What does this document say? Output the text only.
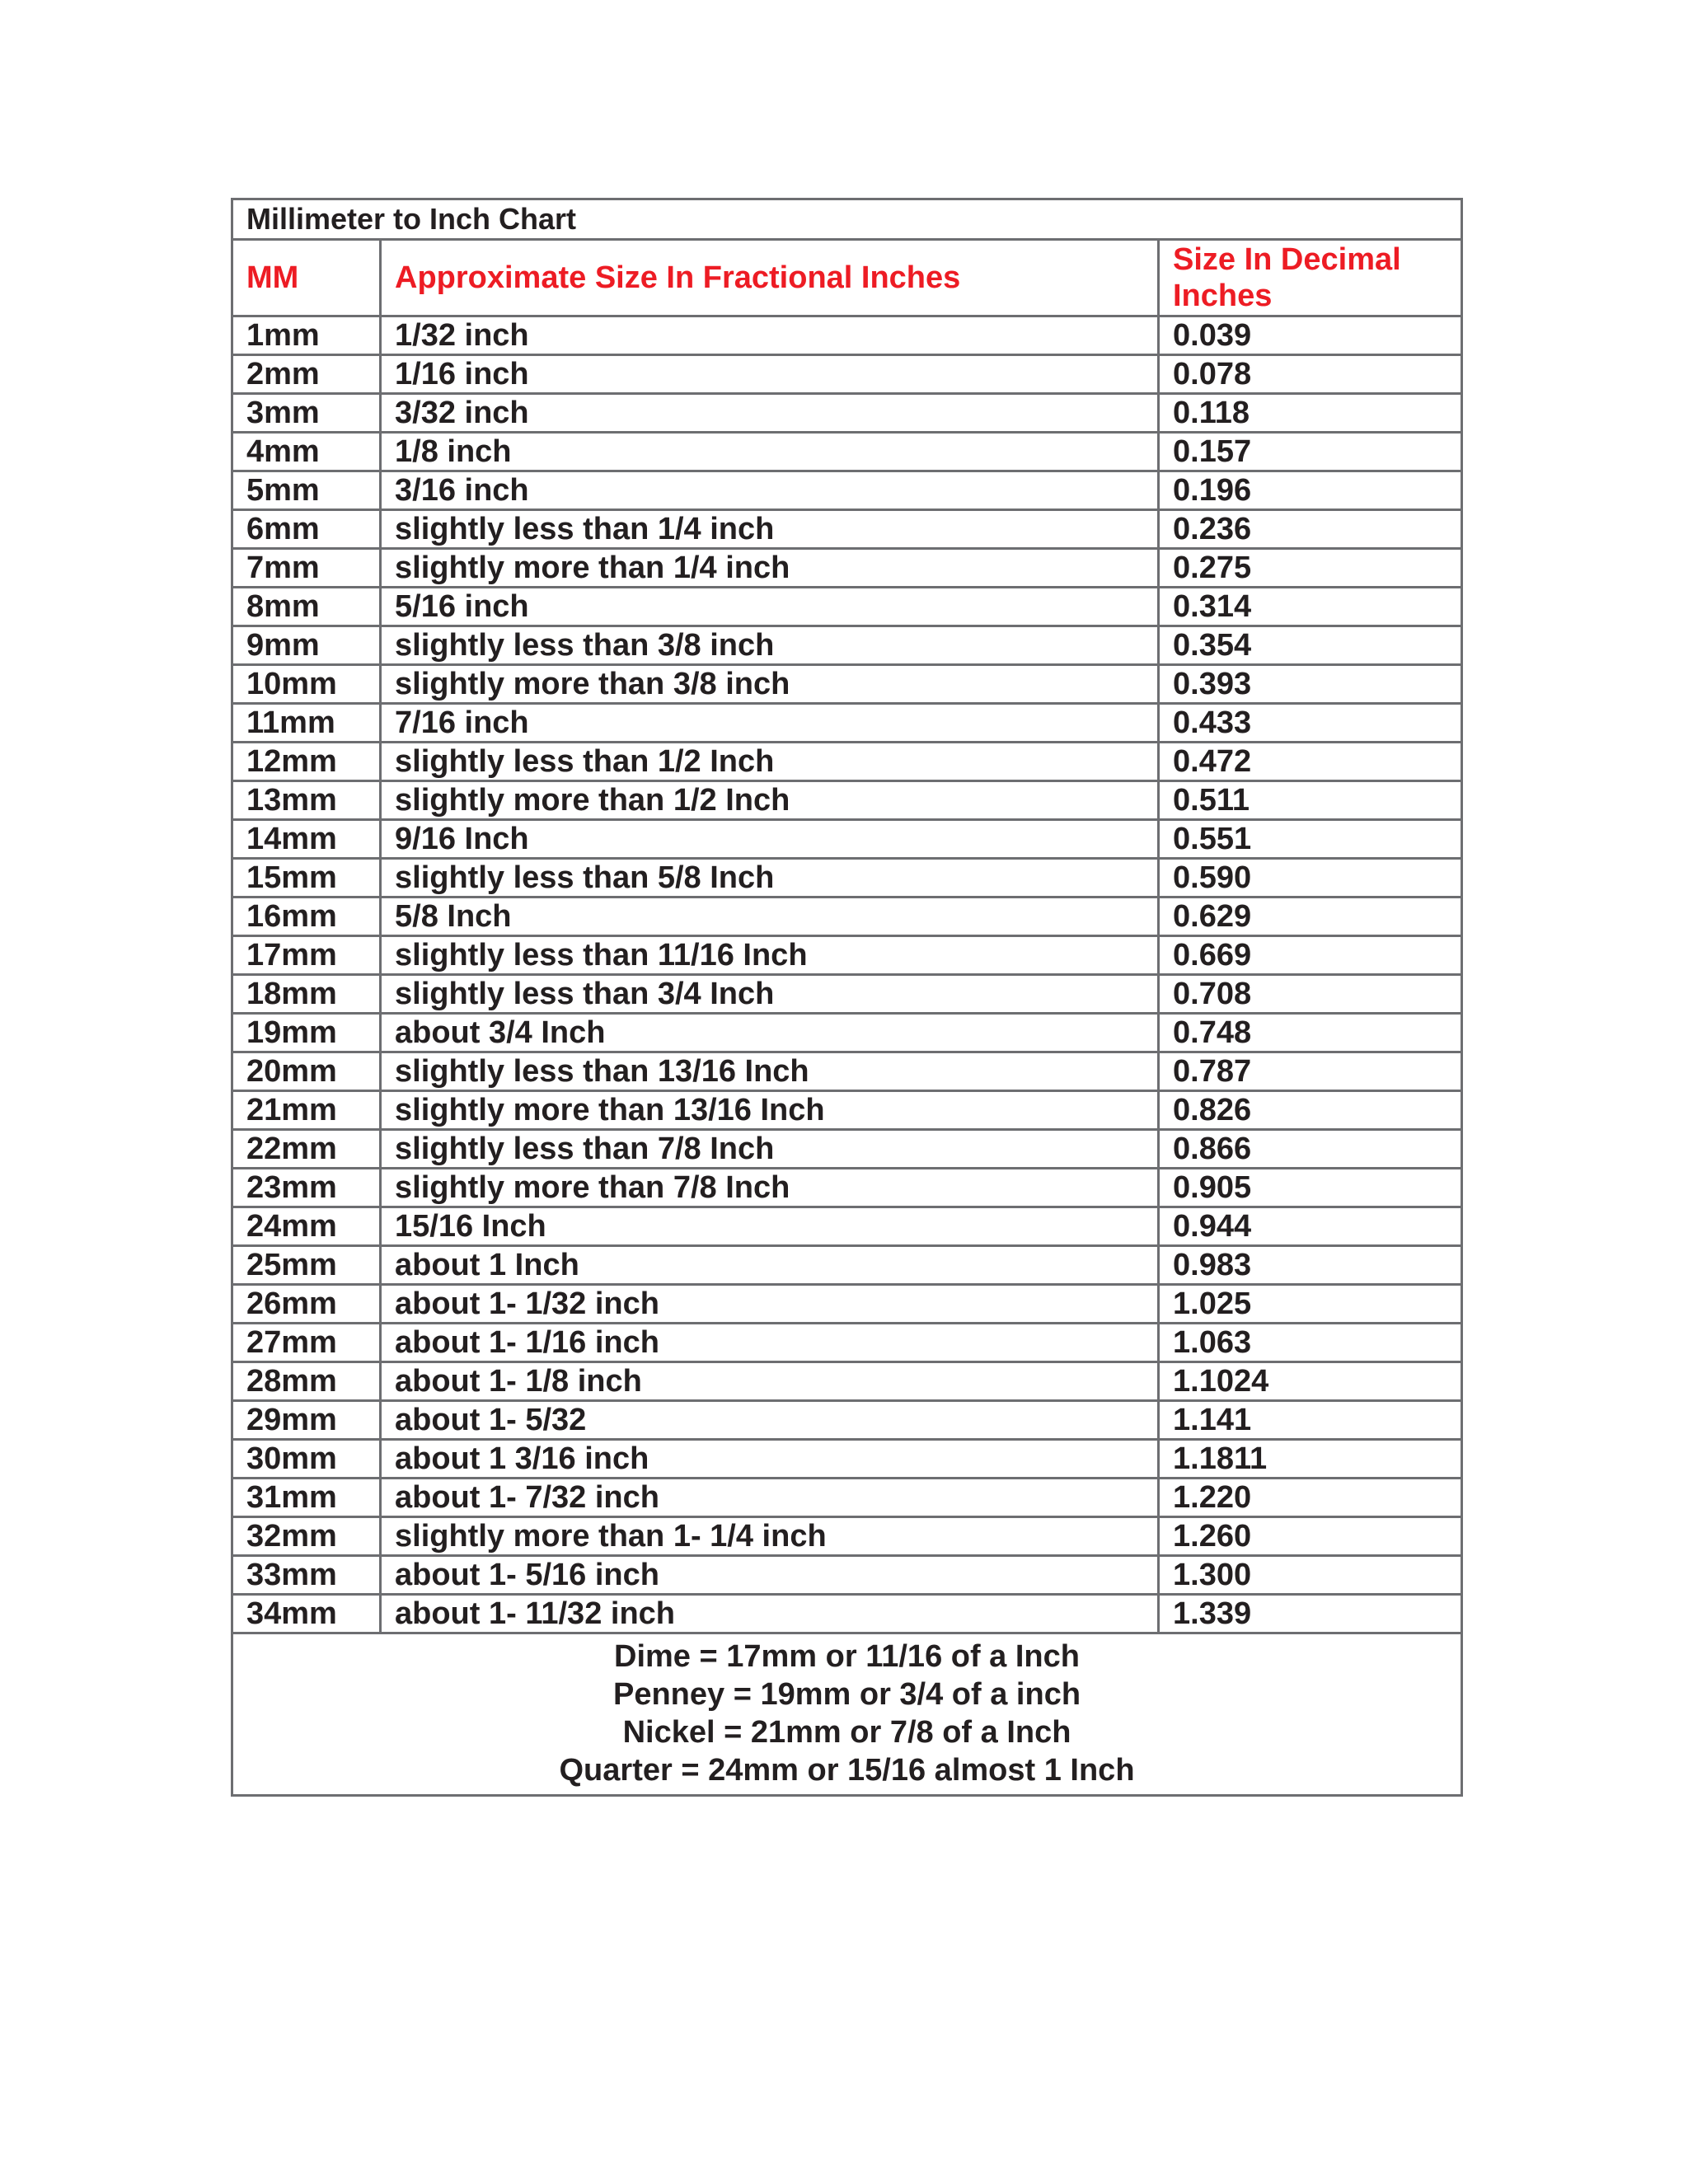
Millimeter to Inch Chart		
MM	Approximate Size In Fractional Inches	Size In Decimal Inches
1mm	1/32 inch	0.039
2mm	1/16 inch	0.078
3mm	3/32 inch	0.118
4mm	1/8 inch	0.157
5mm	3/16 inch	0.196
6mm	slightly less than 1/4 inch	0.236
7mm	slightly more than 1/4 inch	0.275
8mm	5/16 inch	0.314
9mm	slightly less than 3/8 inch	0.354
10mm	slightly more than 3/8 inch	0.393
11mm	7/16 inch	0.433
12mm	slightly less than 1/2 Inch	0.472
13mm	slightly more than 1/2 Inch	0.511
14mm	9/16 Inch	0.551
15mm	slightly less than 5/8 Inch	0.590
16mm	5/8 Inch	0.629
17mm	slightly less than 11/16 Inch	0.669
18mm	slightly less than 3/4 Inch	0.708
19mm	about 3/4 Inch	0.748
20mm	slightly less than 13/16 Inch	0.787
21mm	slightly more than 13/16 Inch	0.826
22mm	slightly less than 7/8 Inch	0.866
23mm	slightly more than 7/8 Inch	0.905
24mm	15/16 Inch	0.944
25mm	about 1 Inch	0.983
26mm	about 1- 1/32 inch	1.025
27mm	about 1- 1/16 inch	1.063
28mm	about 1- 1/8 inch	1.1024
29mm	about 1- 5/32	1.141
30mm	about 1 3/16 inch	1.1811
31mm	about 1- 7/32 inch	1.220
32mm	slightly more than 1- 1/4 inch	1.260
33mm	about 1- 5/16 inch	1.300
34mm	about 1- 11/32 inch	1.339

Dime = 17mm or 11/16 of a Inch
Penney = 19mm or 3/4 of a inch
Nickel = 21mm or 7/8 of a Inch
Quarter = 24mm or 15/16 almost 1 Inch		
